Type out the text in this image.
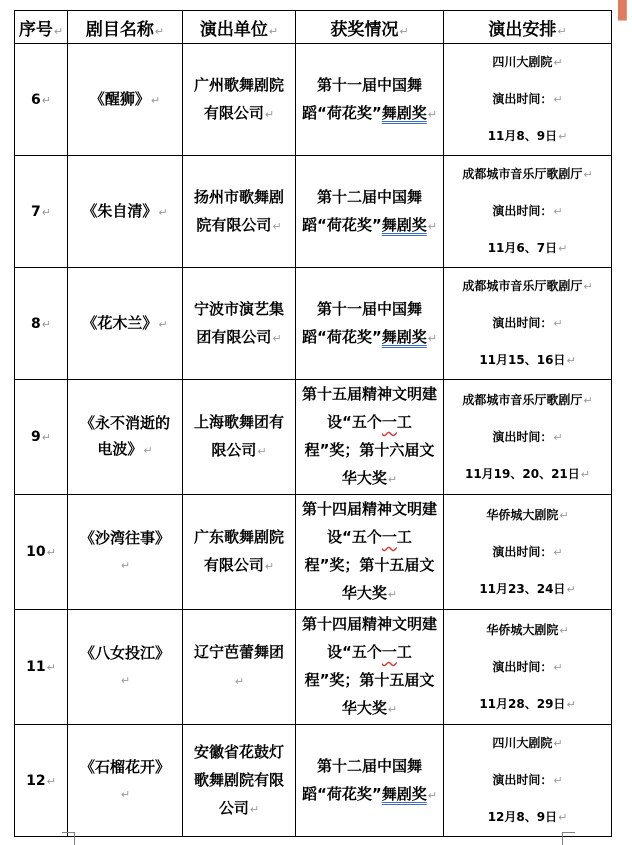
▋
序号↵	剧目名称↵	演出单位↵	获奖情况↵	演出安排↵
6↵	《醒狮》↵	广州歌舞剧院有限公司↵	第十一届中国舞蹈“荷花奖”舞剧奖↵	四川大剧院↵
演出时间：↵
11月8、9日↵

7↵	《朱自清》↵	扬州市歌舞剧院有限公司↵	第十二届中国舞蹈“荷花奖”舞剧奖↵	成都城市音乐厅歌剧厅↵
演出时间：↵
11月6、7日↵

8↵	《花木兰》↵	宁波市演艺集团有限公司↵	第十一届中国舞蹈“荷花奖”舞剧奖↵	成都城市音乐厅歌剧厅↵
演出时间：↵
11月15、16日↵

9↵	《永不消逝的电波》↵	上海歌舞团有限公司↵	第十五届精神文明建设“五个一工程”奖；第十六届文华大奖↵	成都城市音乐厅歌剧厅↵
演出时间：↵
11月19、20、21日↵

10↵	《沙湾往事》↵	广东歌舞剧院有限公司↵	第十四届精神文明建设“五个一工程”奖；第十五届文华大奖↵	华侨城大剧院↵
演出时间：↵
11月23、24日↵

11↵	《八女投江》↵	辽宁芭蕾舞团↵	第十四届精神文明建设“五个一工程”奖；第十五届文华大奖↵	华侨城大剧院↵
演出时间：↵
11月28、29日↵

12↵	《石榴花开》↵	安徽省花鼓灯歌舞剧院有限公司↵	第十二届中国舞蹈“荷花奖”舞剧奖↵	四川大剧院↵
演出时间：↵
12月8、9日↵
